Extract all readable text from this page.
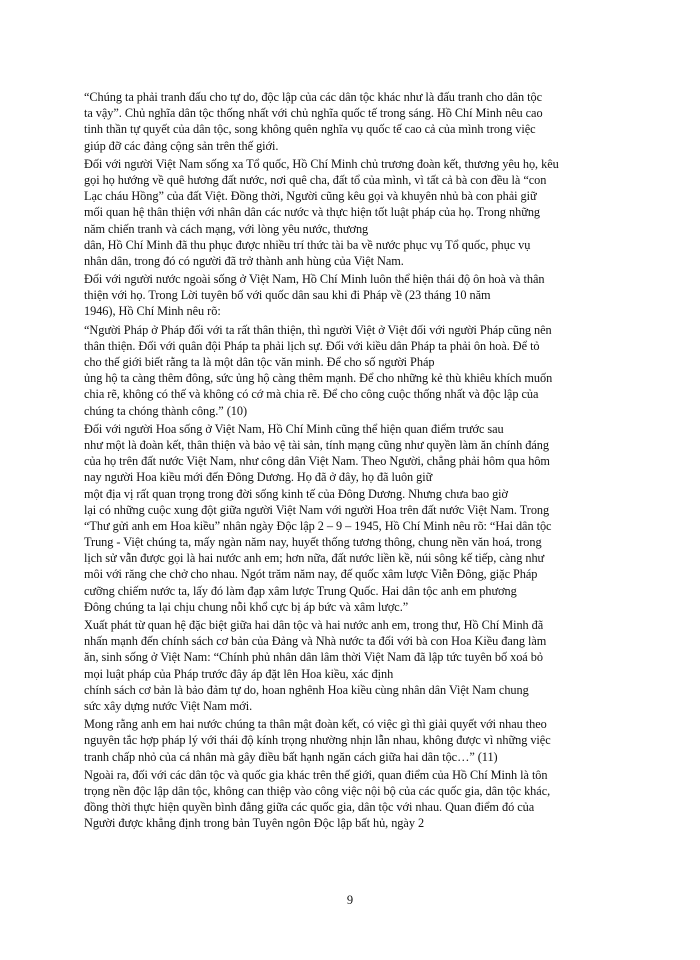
“Chúng ta phải tranh đấu cho tự do, độc lập của các dân tộc khác như là đấu tranh cho dân tộc
ta vậy”. Chủ nghĩa dân tộc thống nhất với chủ nghĩa quốc tế trong sáng. Hồ Chí Minh nêu cao
tinh thần tự quyết của dân tộc, song không quên nghĩa vụ quốc tế cao cả của mình trong việc
giúp đỡ các đảng cộng sản trên thế giới.
Đối với người Việt Nam sống xa Tổ quốc, Hồ Chí Minh chủ trương đoàn kết, thương yêu họ, kêu
gọi họ hướng về quê hương đất nước, nơi quê cha, đất tổ của mình, vì tất cả bà con đều là “con
Lạc cháu Hồng” của đất Việt. Đồng thời, Người cũng kêu gọi và khuyên nhủ bà con phải giữ
mối quan hệ thân thiện với nhân dân các nước và thực hiện tốt luật pháp của họ. Trong những
năm chiến tranh và cách mạng, với lòng yêu nước, thương
dân, Hồ Chí Minh đã thu phục được nhiều trí thức tài ba về nước phục vụ Tổ quốc, phục vụ
nhân dân, trong đó có người đã trở thành anh hùng của Việt Nam.
Đối với người nước ngoài sống ở Việt Nam, Hồ Chí Minh luôn thể hiện thái độ ôn hoà và thân
thiện với họ. Trong Lời tuyên bố với quốc dân sau khi đi Pháp về (23 tháng 10 năm
1946), Hồ Chí Minh nêu rõ:
“Người Pháp ở Pháp đối với ta rất thân thiện, thì người Việt ở Việt đối với người Pháp cũng nên
thân thiện. Đối với quân đội Pháp ta phải lịch sự. Đối với kiều dân Pháp ta phải ôn hoà. Để tỏ
cho thế giới biết rằng ta là một dân tộc văn minh. Để cho số người Pháp
ủng hộ ta càng thêm đông, sức ủng hộ càng thêm mạnh. Để cho những kẻ thù khiêu khích muốn
chia rẽ, không có thế và không có cớ mà chia rẽ. Để cho công cuộc thống nhất và độc lập của
chúng ta chóng thành công.” (10)
Đối với người Hoa sống ở Việt Nam, Hồ Chí Minh cũng thể hiện quan điểm trước sau
như một là đoàn kết, thân thiện và bảo vệ tài sản, tính mạng cũng như quyền làm ăn chính đáng
của họ trên đất nước Việt Nam, như công dân Việt Nam. Theo Người, chẳng phải hôm qua hôm
nay người Hoa kiều mới đến Đông Dương. Họ đã ở đây, họ đã luôn giữ
một địa vị rất quan trọng trong đời sống kinh tế của Đông Dương. Nhưng chưa bao giờ
lại có những cuộc xung đột giữa người Việt Nam với người Hoa trên đất nước Việt Nam. Trong
“Thư gửi anh em Hoa kiều” nhân ngày Độc lập 2 – 9 – 1945, Hồ Chí Minh nêu rõ: “Hai dân tộc
Trung - Việt chúng ta, mấy ngàn năm nay, huyết thống tương thông, chung nền văn hoá, trong
lịch sử vẫn được gọi là hai nước anh em; hơn nữa, đất nước liền kề, núi sông kế tiếp, càng như
môi với răng che chở cho nhau. Ngót trăm năm nay, đế quốc xâm lược Viễn Đông, giặc Pháp
cưỡng chiếm nước ta, lấy đó làm đạp xâm lược Trung Quốc. Hai dân tộc anh em phương
Đông chúng ta lại chịu chung nỗi khổ cực bị áp bức và xâm lược.”
Xuất phát từ quan hệ đặc biệt giữa hai dân tộc và hai nước anh em, trong thư, Hồ Chí Minh đã
nhấn mạnh đến chính sách cơ bản của Đảng và Nhà nước ta đối với bà con Hoa Kiều đang làm
ăn, sinh sống ở Việt Nam: “Chính phủ nhân dân lâm thời Việt Nam đã lập tức tuyên bố xoá bỏ
mọi luật pháp của Pháp trước đây áp đặt lên Hoa kiều, xác định
chính sách cơ bản là bảo đảm tự do, hoan nghênh Hoa kiều cùng nhân dân Việt Nam chung
sức xây dựng nước Việt Nam mới.
Mong rằng anh em hai nước chúng ta thân mật đoàn kết, có việc gì thì giải quyết với nhau theo
nguyên tắc hợp pháp lý với thái độ kính trọng nhường nhịn lẫn nhau, không được vì những việc
tranh chấp nhỏ của cá nhân mà gây điều bất hạnh ngăn cách giữa hai dân tộc…” (11)
Ngoài ra, đối với các dân tộc và quốc gia khác trên thế giới, quan điểm của Hồ Chí Minh là tôn
trọng nền độc lập dân tộc, không can thiệp vào công việc nội bộ của các quốc gia, dân tộc khác,
đồng thời thực hiện quyền bình đẳng giữa các quốc gia, dân tộc với nhau. Quan điểm đó của
Người được khẳng định trong bản Tuyên ngôn Độc lập bất hủ, ngày 2
9
